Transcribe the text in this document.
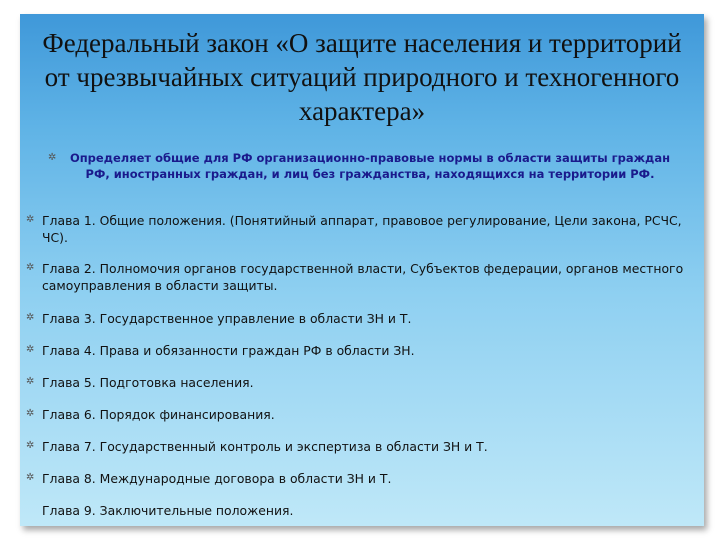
Федеральный закон «О защите населения и территорий от чрезвычайных ситуаций природного и техногенного характера»
✲	Определяет общие для РФ организационно-правовые нормы в области защиты граждан РФ, иностранных граждан, и лиц без гражданства, находящихся на территории РФ.
✲ Глава 1. Общие положения. (Понятийный аппарат, правовое регулирование, Цели закона, РСЧС, ЧС).
✲ Глава 2. Полномочия органов государственной власти, Субъектов федерации, органов местного самоуправления в области защиты.
✲ Глава 3. Государственное управление в области ЗН и Т.
✲ Глава 4. Права и обязанности граждан РФ в области ЗН.
✲ Глава 5. Подготовка населения.
✲ Глава 6. Порядок финансирования.
✲ Глава 7. Государственный контроль и экспертиза в области ЗН и Т.
✲ Глава 8. Международные договора в области ЗН и Т.
Глава 9. Заключительные положения.
